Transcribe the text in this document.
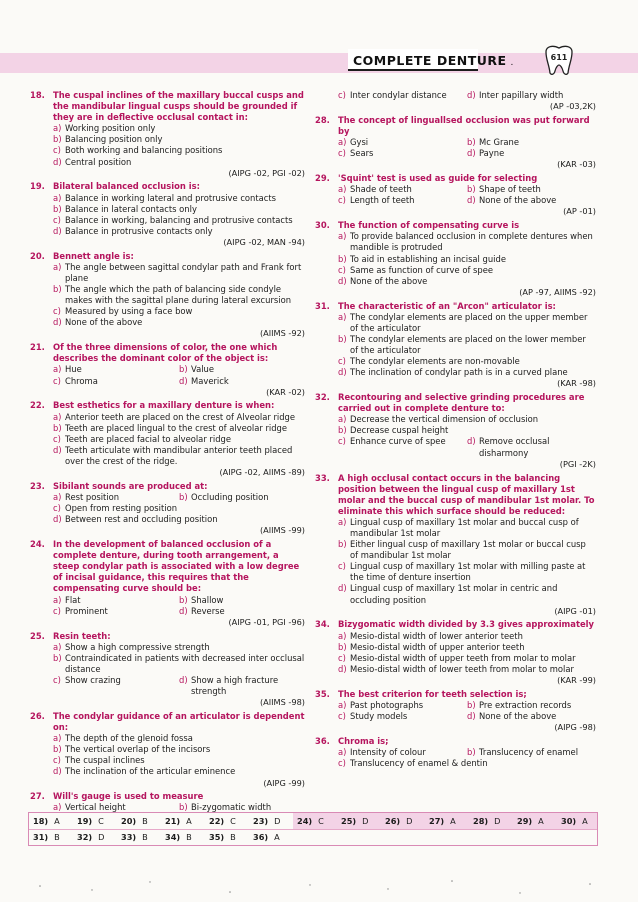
COMPLETE DENTURE .
611
18. The cuspal inclines of the maxillary buccal cusps and the mandibular lingual cusps should be grounded if they are in deflective occlusal contact in:
a) Working position only
b) Balancing position only
c) Both working and balancing positions
d) Central position
(AIPG -02, PGI -02)
19. Bilateral balanced occlusion is:
a) Balance in working lateral and protrusive contacts
b) Balance in lateral contacts only
c) Balance in working, balancing and protrusive contacts
d) Balance in protrusive contacts only
(AIPG -02, MAN -94)
20. Bennett angle is:
a) The angle between sagittal condylar path and Frank fort plane
b) The angle which the path of balancing side condyle makes with the sagittal plane during lateral excursion
c) Measured by using a face bow
d) None of the above
(AIIMS -92)
21. Of the three dimensions of color, the one which describes the dominant color of the object is:
a) Hue	b) Value
c) Chroma	d) Maverick
(KAR -02)
22. Best esthetics for a maxillary denture is when:
a) Anterior teeth are placed on the crest of Alveolar ridge
b) Teeth are placed lingual to the crest of alveolar ridge
c) Teeth are placed facial to alveolar ridge
d) Teeth articulate with mandibular anterior teeth placed over the crest of the ridge.
(AIPG -02, AIIMS -89)
23. Sibilant sounds are produced at:
a) Rest position	b) Occluding position
c) Open from resting position
d) Between rest and occluding position
(AIIMS -99)
24. In the development of balanced occlusion of a complete denture, during tooth arrangement, a steep condylar path is associated with a low degree of incisal guidance, this requires that the compensating curve should be:
a) Flat	b) Shallow
c) Prominent	d) Reverse
(AIPG -01, PGI -96)
25. Resin teeth:
a) Show a high compressive strength
b) Contraindicated in patients with decreased inter occlusal distance
c) Show crazing	d) Show a high fracture strength
(AIIMS -98)
26. The condylar guidance of an articulator is dependent on:
a) The depth of the glenoid fossa
b) The vertical overlap of the incisors
c) The cuspal inclines
d) The inclination of the articular eminence
(AIPG -99)
27. Will's gauge is used to measure
a) Vertical height	b) Bi-zygomatic width
c) Inter condylar distance	d) Inter papillary width
(AP -03,2K)
28. The concept of linguallsed occlusion was put forward by
a) Gysi	b) Mc Grane
c) Sears	d) Payne
(KAR -03)
29. 'Squint' test is used as guide for selecting
a) Shade of teeth	b) Shape of teeth
c) Length of teeth	d) None of the above
(AP -01)
30. The function of compensating curve is
a) To provide balanced occlusion in complete dentures when mandible is protruded
b) To aid in establishing an incisal guide
c) Same as function of curve of spee
d) None of the above
(AP -97, AIIMS -92)
31. The characteristic of an "Arcon" articulator is:
a) The condylar elements are placed on the upper member of the articulator
b) The condylar elements are placed on the lower member of the articulator
c) The condylar elements are non-movable
d) The inclination of condylar path is in a curved plane
(KAR -98)
32. Recontouring and selective grinding procedures are carried out in complete denture to:
a) Decrease the vertical dimension of occlusion
b) Decrease cuspal height
c) Enhance curve of spee	d) Remove occlusal disharmony
(PGI -2K)
33. A high occlusal contact occurs in the balancing position between the lingual cusp of maxillary 1st molar and the buccal cusp of mandibular 1st molar. To eliminate this which surface should be reduced:
a) Lingual cusp of maxillary 1st molar and buccal cusp of mandibular 1st molar
b) Either lingual cusp of maxillary 1st molar or buccal cusp of mandibular 1st molar
c) Lingual cusp of maxillary 1st molar with milling paste at the time of denture insertion
d) Lingual cusp of maxillary 1st molar in centric and occluding position
(AIPG -01)
34. Bizygomatic width divided by 3.3 gives approximately
a) Mesio-distal width of lower anterior teeth
b) Mesio-distal width of upper anterior teeth
c) Mesio-distal width of upper teeth from molar to molar
d) Mesio-distal width of lower teeth from molar to molar
(KAR -99)
35. The best criterion for teeth selection is;
a) Past photographs	b) Pre extraction records
c) Study models	d) None of the above
(AIPG -98)
36. Chroma is;
a) Intensity of colour	b) Translucency of enamel
c) Translucency of enamel & dentin
18) A 19) C 20) B 21) A 22) C 23) D 24) C 25) D 26) D 27) A 28) D 29) A 30) A
31) B 32) D 33) B 34) B 35) B 36) A
